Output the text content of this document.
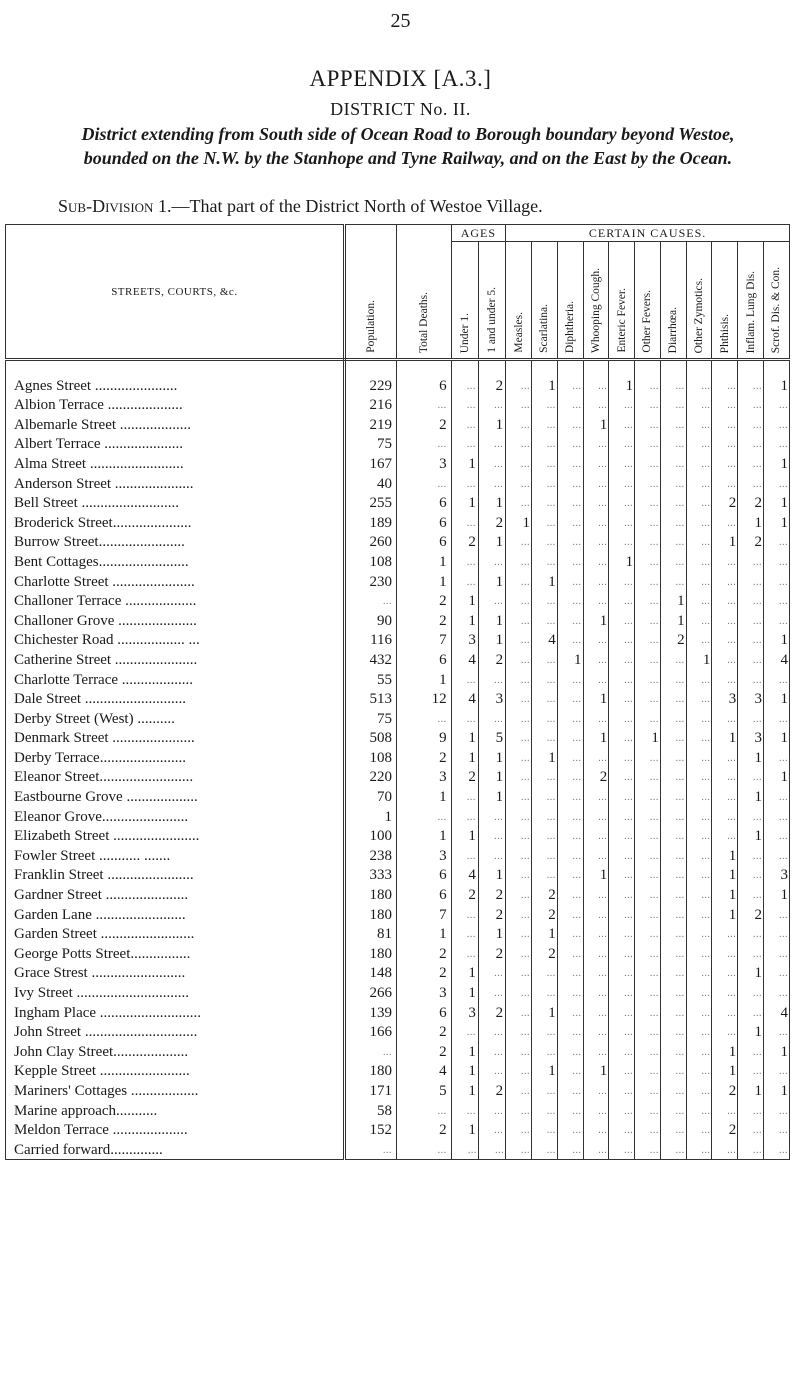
25
APPENDIX [A.3.]
DISTRICT No. II.
District extending from South side of Ocean Road to Borough boundary beyond Westoe, bounded on the N.W. by the Stanhope and Tyne Railway, and on the East by the Ocean.
Sub-Division 1.—That part of the District North of Westoe Village.
STREETS, COURTS, &c.	Population.	Total Deaths.	AGES		CERTAIN CAUSES.										
			Under 1.	1 and under 5.	Measles.	Scarlatina.	Diphtheria.	Whooping Cough.	Enteric Fever.	Other Fevers.	Diarrhœa.	Other Zymotics.	Phthisis.	Inflam. Lung Dis.	Scrof. Dis. & Con.

Agnes Street ......................	229	6	...	2	...	1	...	...	1	...	...	...	...	...	1
Albion Terrace ....................	216	...	...	...	...	...	...	...	...	...	...	...	...	...	...
Albemarle Street ...................	219	2	...	1	...	...	...	1	...	...	...	...	...	...	...
Albert Terrace .....................	75	...	...	...	...	...	...	...	...	...	...	...	...	...	...
Alma Street .........................	167	3	1	...	...	...	...	...	...	...	...	...	...	...	1
Anderson Street .....................	40	...	...	...	...	...	...	...	...	...	...	...	...	...	...
Bell Street ..........................	255	6	1	1	...	...	...	...	...	...	...	...	2	2	1
Broderick Street.....................	189	6	...	2	1	...	...	...	...	...	...	...	...	1	1
Burrow Street.......................	260	6	2	1	...	...	...	...	...	...	...	...	1	2	...
Bent Cottages........................	108	1	...	...	...	...	...	...	1	...	...	...	...	...	...
Charlotte Street ......................	230	1	...	1	...	1	...	...	...	...	...	...	...	...	...
Challoner Terrace ...................	...	2	1	...	...	...	...	...	...	...	1	...	...	...	...
Challoner Grove .....................	90	2	1	1	...	...	...	1	...	...	1	...	...	...	...
Chichester Road .................. ...	116	7	3	1	...	4	...	...	...	...	2	...	...	...	1
Catherine Street ......................	432	6	4	2	...	...	1	...	...	...	...	1	...	...	4
Charlotte Terrace ...................	55	1	...	...	...	...	...	...	...	...	...	...	...	...	...
Dale Street ...........................	513	12	4	3	...	...	...	1	...	...	...	...	3	3	1
Derby Street (West) ..........	75	...	...	...	...	...	...	...	...	...	...	...	...	...	...
Denmark Street ......................	508	9	1	5	...	...	...	1	...	1	...	...	1	3	1
Derby Terrace.......................	108	2	1	1	...	1	...	...	...	...	...	...	...	1	...
Eleanor Street.........................	220	3	2	1	...	...	...	2	...	...	...	...	...	...	1
Eastbourne Grove ...................	70	1	...	1	...	...	...	...	...	...	...	...	...	1	...
Eleanor Grove.......................	1	...	...	...	...	...	...	...	...	...	...	...	...	...	...
Elizabeth Street .......................	100	1	1	...	...	...	...	...	...	...	...	...	...	1	...
Fowler Street ........... .......	238	3	...	...	...	...	...	...	...	...	...	...	1	...	...
Franklin Street .......................	333	6	4	1	...	...	...	1	...	...	...	...	1	...	3
Gardner Street ......................	180	6	2	2	...	2	...	...	...	...	...	...	1	...	1
Garden Lane ........................	180	7	...	2	...	2	...	...	...	...	...	...	1	2	...
Garden Street .........................	81	1	...	1	...	1	...	...	...	...	...	...	...	...	...
George Potts Street................	180	2	...	2	...	2	...	...	...	...	...	...	...	...	...
Grace Strest .........................	148	2	1	...	...	...	...	...	...	...	...	...	...	1	...
Ivy Street ..............................	266	3	1	...	...	...	...	...	...	...	...	...	...	...	...
Ingham Place ...........................	139	6	3	2	...	1	...	...	...	...	...	...	...	...	4
John Street ..............................	166	2	...	...	...	...	...	...	...	...	...	...	...	1	...
John Clay Street....................	...	2	1	...	...	...	...	...	...	...	...	...	1	...	1
Kepple Street ........................	180	4	1	...	...	1	...	1	...	...	...	...	1	...	...
Mariners' Cottages ..................	171	5	1	2	...	...	...	...	...	...	...	...	2	1	1
Marine approach...........	58	...	...	...	...	...	...	...	...	...	...	...	...	...	...
Meldon Terrace ....................	152	2	1	...	...	...	...	...	...	...	...	...	2	...	...
Carried forward..............	...	...	...	...	...	...	...	...	...	...	...	...	...	...	...
